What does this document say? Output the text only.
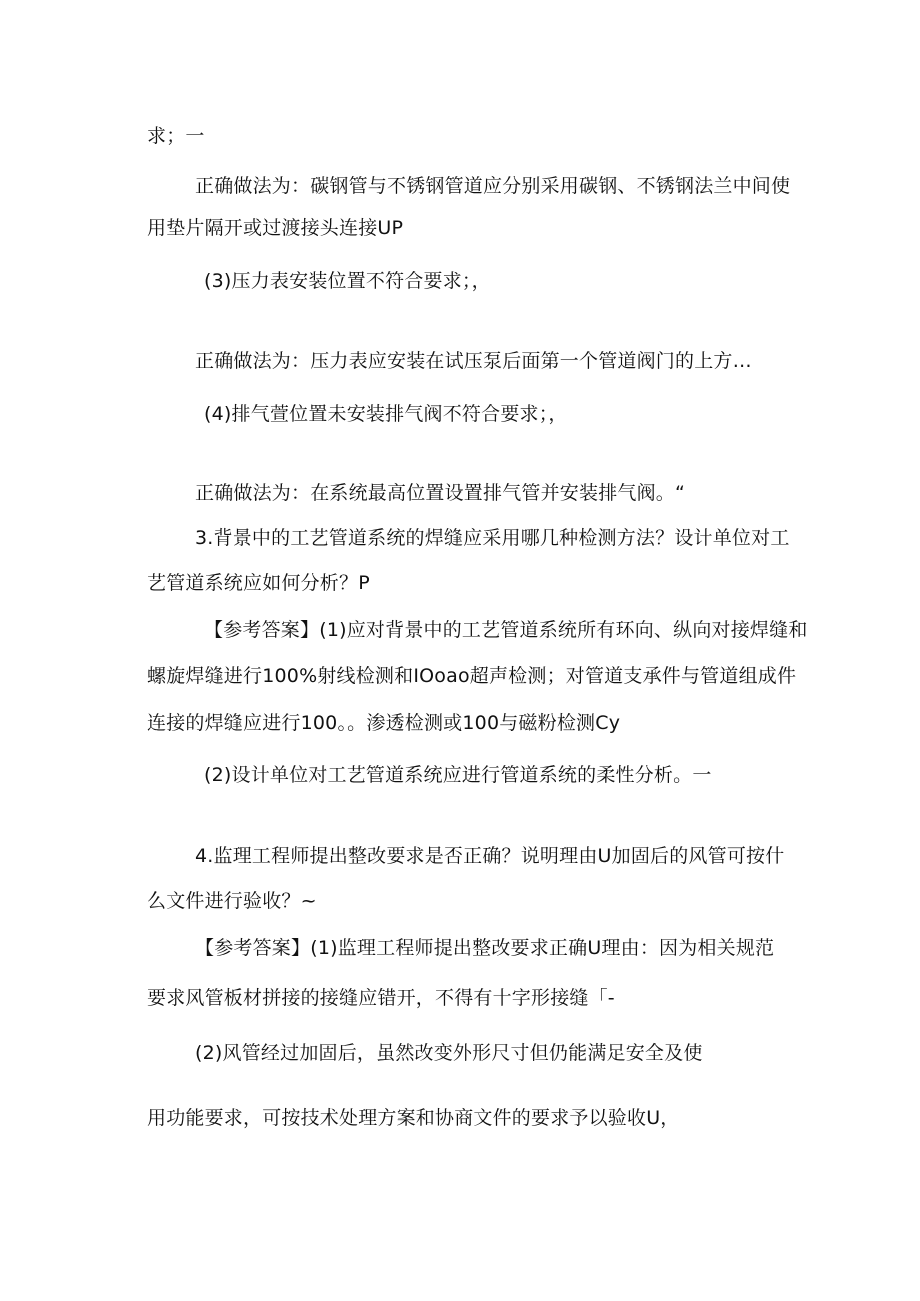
求；一
正确做法为：碳钢管与不锈钢管道应分别采用碳钢、不锈钢法兰中间使
用垫片隔开或过渡接头连接UP
(3)压力表安装位置不符合要求；，
正确做法为：压力表应安装在试压泵后面第一个管道阀门的上方…
(4)排气萱位置未安装排气阀不符合要求；，
正确做法为：在系统最高位置设置排气管并安装排气阀。“
3.背景中的工艺管道系统的焊缝应采用哪几种检测方法？设计单位对工
艺管道系统应如何分析？P
【参考答案】(1)应对背景中的工艺管道系统所有环向、纵向对接焊缝和
螺旋焊缝进行100%射线检测和IOoao超声检测；对管道支承件与管道组成件
连接的焊缝应进行100。。渗透检测或100与磁粉检测Cy
(2)设计单位对工艺管道系统应进行管道系统的柔性分析。一
4.监理工程师提出整改要求是否正确？说明理由U加固后的风管可按什
么文件进行验收？~
【参考答案】(1)监理工程师提出整改要求正确U理由：因为相关规范
要求风管板材拼接的接缝应错开，不得有十字形接缝「-
(2)风管经过加固后，虽然改变外形尺寸但仍能满足安全及使
用功能要求，可按技术处理方案和协商文件的要求予以验收U，
